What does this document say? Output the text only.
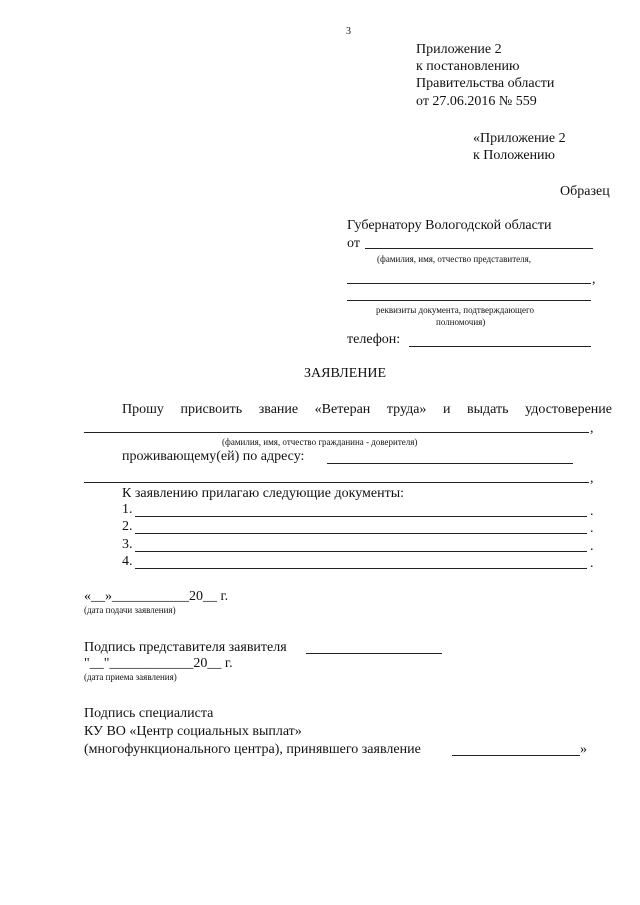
3
Приложение 2
к постановлению
Правительства области
от 27.06.2016 № 559
«Приложение 2
к Положению
Образец
Губернатору Вологодской области
от
(фамилия, имя, отчество представителя,
,
реквизиты документа, подтверждающего
полномочия)
телефон:
ЗАЯВЛЕНИЕ
Прошу присвоить звание «Ветеран труда» и выдать удостоверение
,
(фамилия, имя, отчество гражданина - доверителя)
проживающему(ей) по адресу:
,
К заявлению прилагаю следующие документы:
1.	.
2.	.
3.	.
4.	.
«__»___________20__ г.
(дата подачи заявления)
Подпись представителя заявителя
"__"____________20__ г.
(дата приема заявления)
Подпись специалиста
КУ ВО «Центр социальных выплат»
(многофункционального центра), принявшего заявление	»
